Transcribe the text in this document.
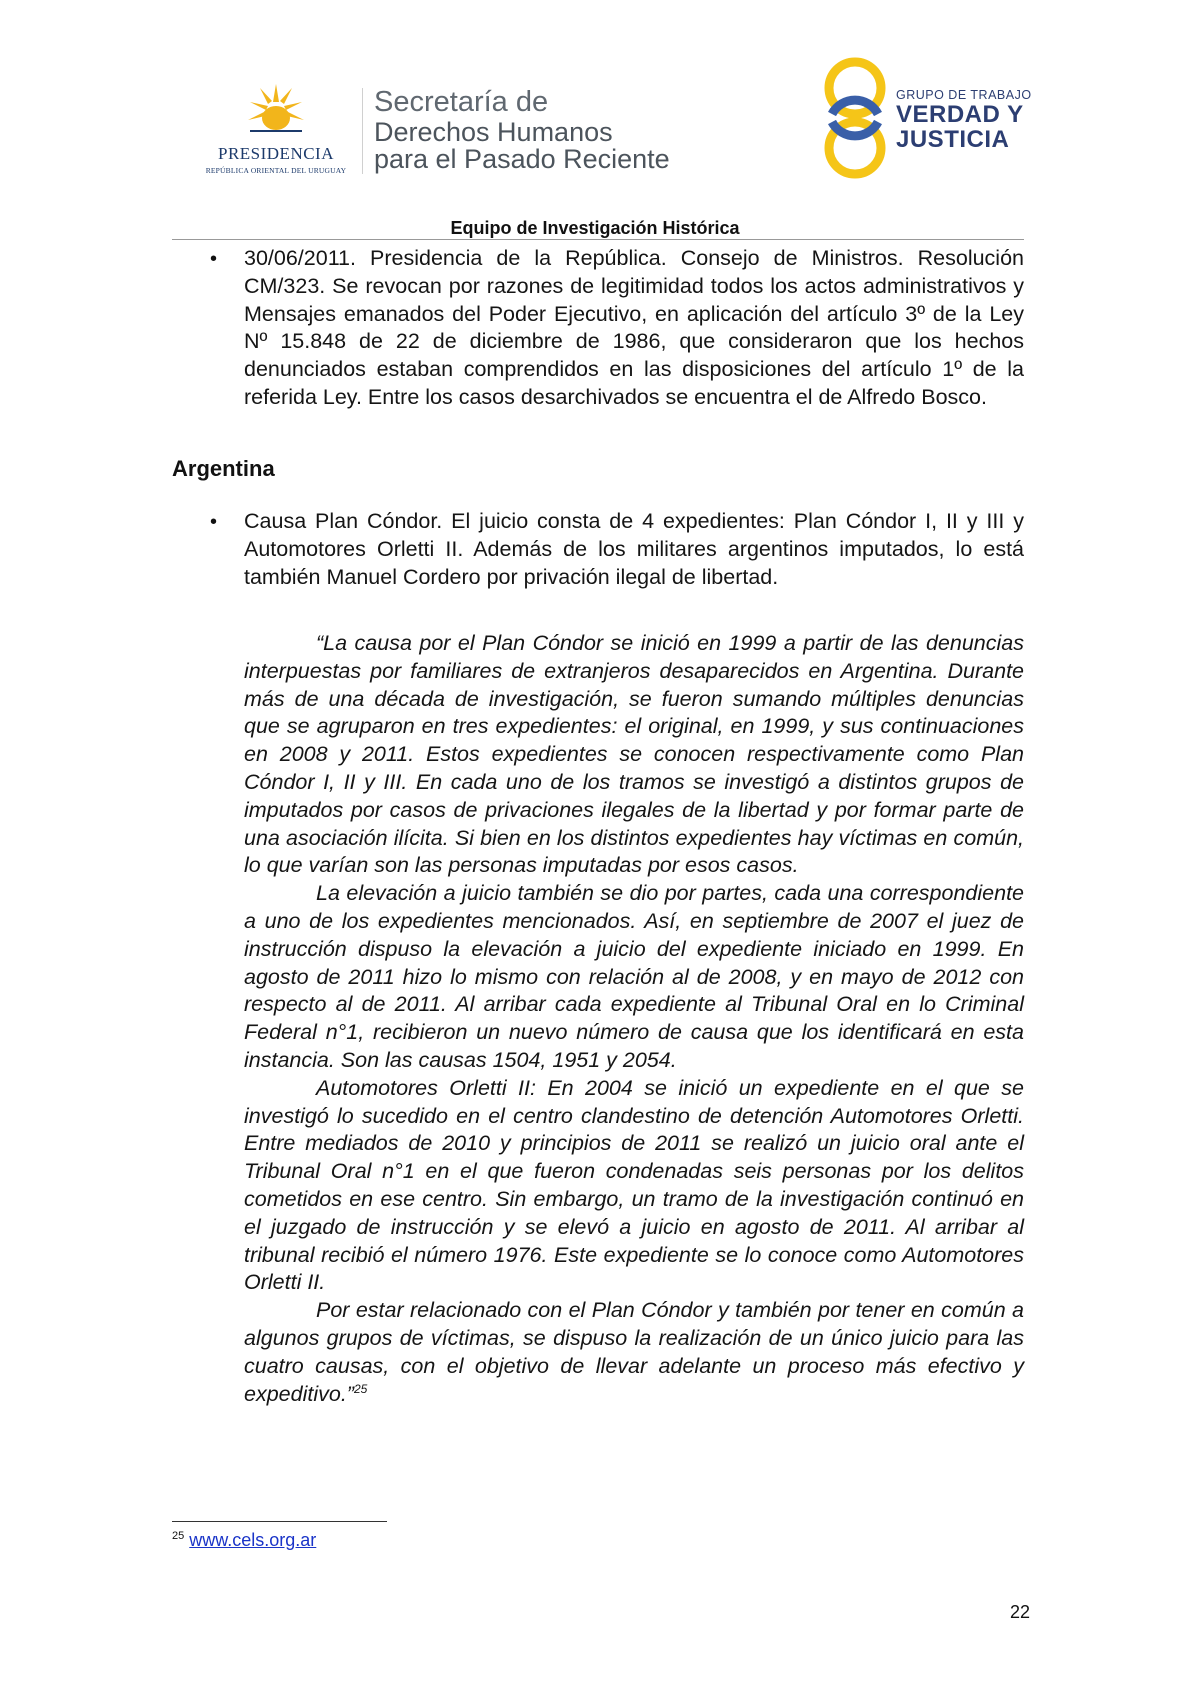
PRESIDENCIA
REPÚBLICA ORIENTAL DEL URUGUAY
Secretaría de
Derechos Humanos
para el Pasado Reciente
GRUPO DE TRABAJO
VERDAD Y
JUSTICIA
Equipo de Investigación Histórica
• 30/06/2011. Presidencia de la República. Consejo de Ministros. Resolución CM/323. Se revocan por razones de legitimidad todos los actos administrativos y Mensajes emanados del Poder Ejecutivo, en aplicación del artículo 3º de la Ley Nº 15.848 de 22 de diciembre de 1986, que consideraron que los hechos denunciados estaban comprendidos en las disposiciones del artículo 1º de la referida Ley. Entre los casos desarchivados se encuentra el de Alfredo Bosco.
Argentina
• Causa Plan Cóndor. El juicio consta de 4 expedientes: Plan Cóndor I, II y III y Automotores Orletti II. Además de los militares argentinos imputados, lo está también Manuel Cordero por privación ilegal de libertad.

“La causa por el Plan Cóndor se inició en 1999 a partir de las denuncias interpuestas por familiares de extranjeros desaparecidos en Argentina. Durante más de una década de investigación, se fueron sumando múltiples denuncias que se agruparon en tres expedientes: el original, en 1999, y sus continuaciones en 2008 y 2011. Estos expedientes se conocen respectivamente como Plan Cóndor I, II y III. En cada uno de los tramos se investigó a distintos grupos de imputados por casos de privaciones ilegales de la libertad y por formar parte de una asociación ilícita. Si bien en los distintos expedientes hay víctimas en común, lo que varían son las personas imputadas por esos casos.

La elevación a juicio también se dio por partes, cada una correspondiente a uno de los expedientes mencionados. Así, en septiembre de 2007 el juez de instrucción dispuso la elevación a juicio del expediente iniciado en 1999. En agosto de 2011 hizo lo mismo con relación al de 2008, y en mayo de 2012 con respecto al de 2011. Al arribar cada expediente al Tribunal Oral en lo Criminal Federal n°1, recibieron un nuevo número de causa que los identificará en esta instancia. Son las causas 1504, 1951 y 2054.

Automotores Orletti II: En 2004 se inició un expediente en el que se investigó lo sucedido en el centro clandestino de detención Automotores Orletti. Entre mediados de 2010 y principios de 2011 se realizó un juicio oral ante el Tribunal Oral n°1 en el que fueron condenadas seis personas por los delitos cometidos en ese centro. Sin embargo, un tramo de la investigación continuó en el juzgado de instrucción y se elevó a juicio en agosto de 2011. Al arribar al tribunal recibió el número 1976. Este expediente se lo conoce como Automotores Orletti II.

Por estar relacionado con el Plan Cóndor y también por tener en común a algunos grupos de víctimas, se dispuso la realización de un único juicio para las cuatro causas, con el objetivo de llevar adelante un proceso más efectivo y expeditivo.”$^{25}$

$^{25}$ www.cels.org.ar
22
